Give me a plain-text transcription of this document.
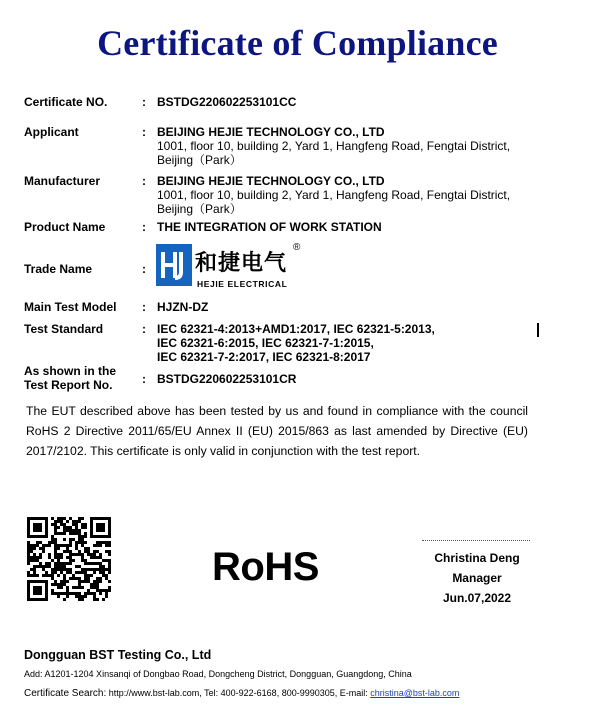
Certificate of Compliance
Certificate NO.	: BSTDG220602253101CC
Applicant	: BEIJING HEJIE TECHNOLOGY CO., LTD
1001, floor 10, building 2, Yard 1, Hangfeng Road, Fengtai District,
Beijing（Park）
Manufacturer	: BEIJING HEJIE TECHNOLOGY CO., LTD
1001, floor 10, building 2, Yard 1, Hangfeng Road, Fengtai District,
Beijing（Park）
Product Name	: THE INTEGRATION OF WORK STATION
Trade Name	: 和捷电气
®
HEJIE ELECTRICAL
Main Test Model : HJZN-DZ
Test Standard	: IEC 62321-4:2013+AMD1:2017, IEC 62321-5:2013,
IEC 62321-6:2015, IEC 62321-7-1:2015,
IEC 62321-7-2:2017, IEC 62321-8:2017
As shown in the
Test Report No. : BSTDG220602253101CR
The EUT described above has been tested by us and found in compliance with the council RoHS 2 Directive 2011/65/EU Annex II (EU) 2015/863 as last amended by Directive (EU) 2017/2102. This certificate is only valid in conjunction with the test report.
RoHS	Christina Deng
Manager
Jun.07,2022
Dongguan BST Testing Co., Ltd
Add: A1201-1204 Xinsanqi of Dongbao Road, Dongcheng District, Dongguan, Guangdong, China
Certificate Search: http://www.bst-lab.com, Tel: 400-922-6168, 800-9990305, E-mail: christina@bst-lab.com
